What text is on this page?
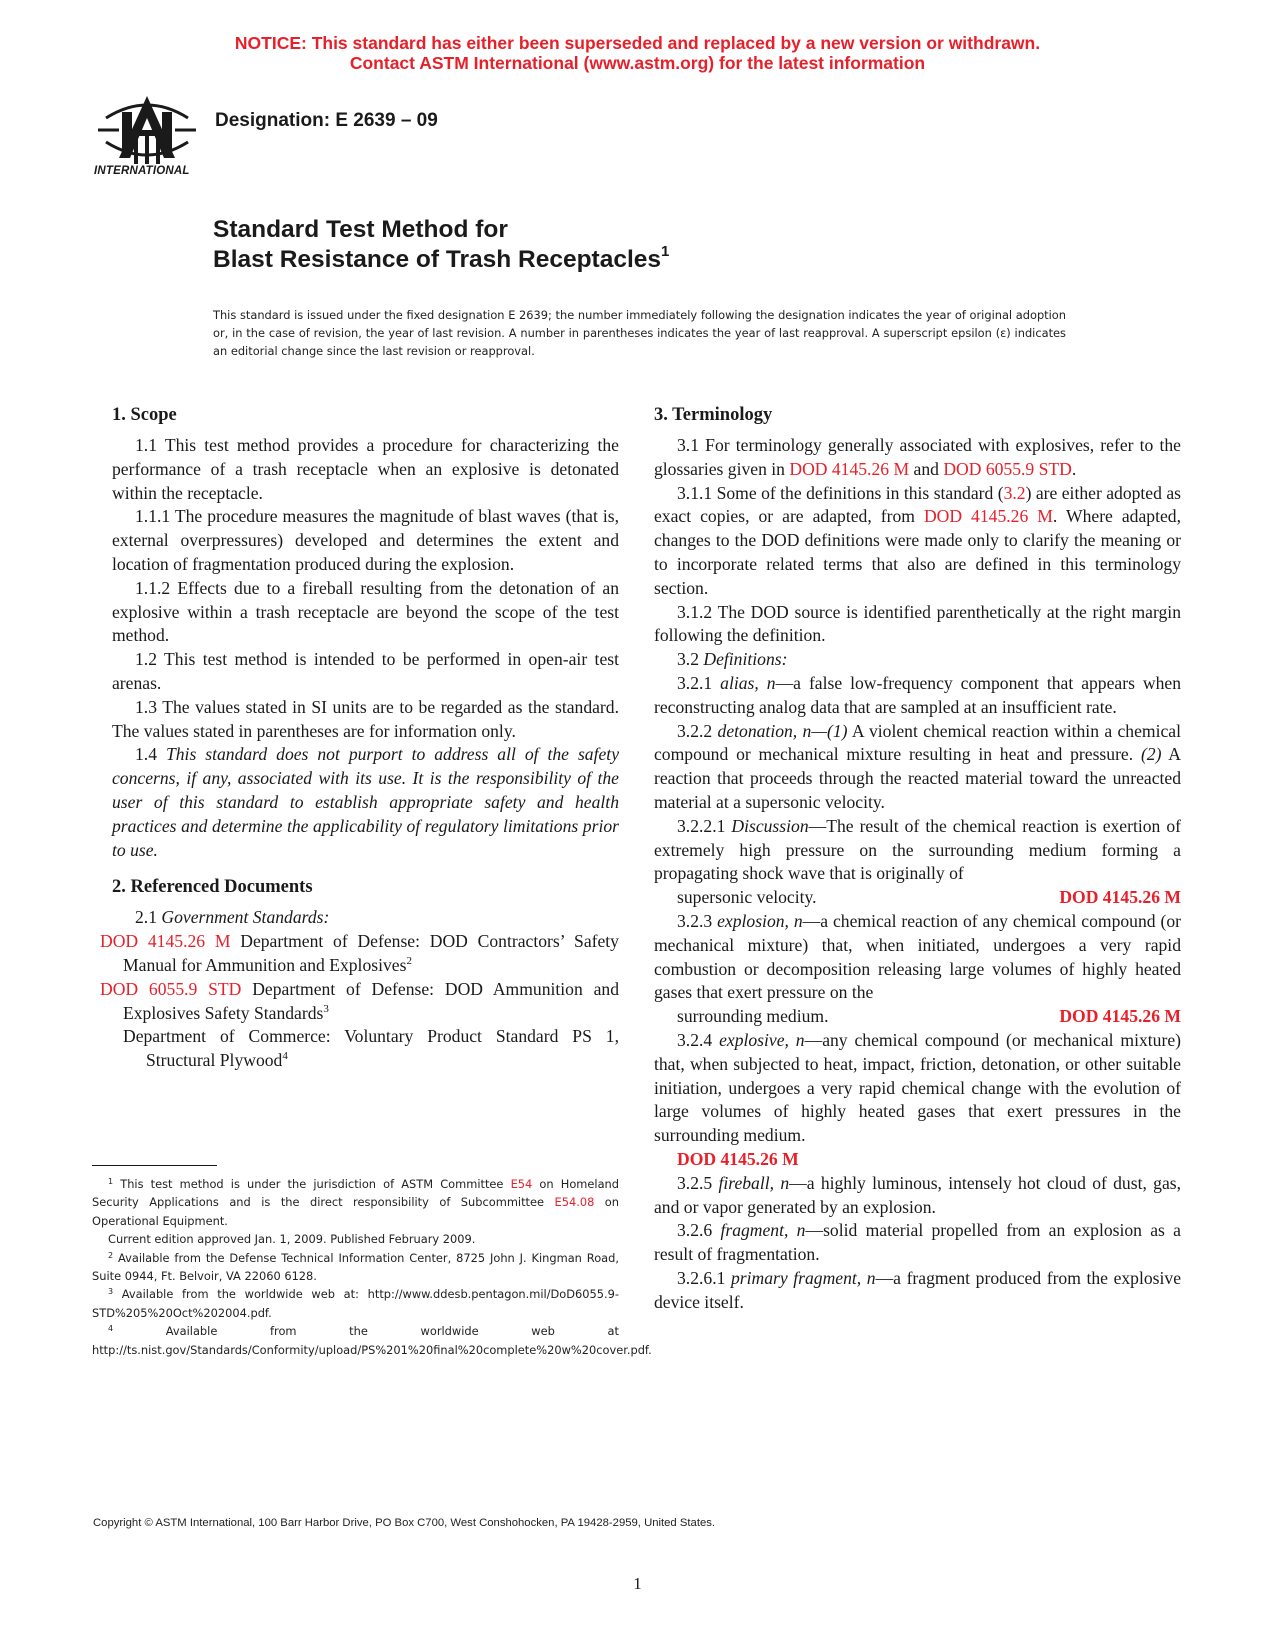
NOTICE: This standard has either been superseded and replaced by a new version or withdrawn.
Contact ASTM International (www.astm.org) for the latest information
INTERNATIONAL
Designation: E 2639 – 09
Standard Test Method for
Blast Resistance of Trash Receptacles$^1$
This standard is issued under the fixed designation E 2639; the number immediately following the designation indicates the year of original adoption or, in the case of revision, the year of last revision. A number in parentheses indicates the year of last reapproval. A superscript epsilon (ε) indicates an editorial change since the last revision or reapproval.
1. Scope

1.1 This test method provides a procedure for characterizing the performance of a trash receptacle when an explosive is detonated within the receptacle.

1.1.1 The procedure measures the magnitude of blast waves (that is, external overpressures) developed and determines the extent and location of fragmentation produced during the explosion.

1.1.2 Effects due to a fireball resulting from the detonation of an explosive within a trash receptacle are beyond the scope of the test method.

1.2 This test method is intended to be performed in open-air test arenas.

1.3 The values stated in SI units are to be regarded as the standard. The values stated in parentheses are for information only.

1.4 This standard does not purport to address all of the safety concerns, if any, associated with its use. It is the responsibility of the user of this standard to establish appropriate safety and health practices and determine the applicability of regulatory limitations prior to use.

2. Referenced Documents

2.1 Government Standards:

DOD 4145.26 M Department of Defense: DOD Contractors’ Safety Manual for Ammunition and Explosives$^2$

DOD 6055.9 STD Department of Defense: DOD Ammunition and Explosives Safety Standards$^3$

Department of Commerce: Voluntary Product Standard PS 1, Structural Plywood$^4$

3. Terminology

3.1 For terminology generally associated with explosives, refer to the glossaries given in DOD 4145.26 M and DOD 6055.9 STD.

3.1.1 Some of the definitions in this standard (3.2) are either adopted as exact copies, or are adapted, from DOD 4145.26 M. Where adapted, changes to the DOD definitions were made only to clarify the meaning or to incorporate related terms that also are defined in this terminology section.

3.1.2 The DOD source is identified parenthetically at the right margin following the definition.

3.2 Definitions:

3.2.1 alias, n—a false low-frequency component that appears when reconstructing analog data that are sampled at an insufficient rate.

3.2.2 detonation, n—(1) A violent chemical reaction within a chemical compound or mechanical mixture resulting in heat and pressure. (2) A reaction that proceeds through the reacted material toward the unreacted material at a supersonic velocity.

3.2.2.1 Discussion—The result of the chemical reaction is exertion of extremely high pressure on the surrounding medium forming a propagating shock wave that is originally of

supersonic velocity.	DOD 4145.26 M

3.2.3 explosion, n—a chemical reaction of any chemical compound (or mechanical mixture) that, when initiated, undergoes a very rapid combustion or decomposition releasing large volumes of highly heated gases that exert pressure on the

surrounding medium.	DOD 4145.26 M

3.2.4 explosive, n—any chemical compound (or mechanical mixture) that, when subjected to heat, impact, friction, detonation, or other suitable initiation, undergoes a very rapid chemical change with the evolution of large volumes of highly heated gases that exert pressures in the surrounding medium.

DOD 4145.26 M

3.2.5 fireball, n—a highly luminous, intensely hot cloud of dust, gas, and or vapor generated by an explosion.

3.2.6 fragment, n—solid material propelled from an explosion as a result of fragmentation.

3.2.6.1 primary fragment, n—a fragment produced from the explosive device itself.

$^1$ This test method is under the jurisdiction of ASTM Committee E54 on Homeland Security Applications and is the direct responsibility of Subcommittee E54.08 on Operational Equipment.

Current edition approved Jan. 1, 2009. Published February 2009.

$^2$ Available from the Defense Technical Information Center, 8725 John J. Kingman Road, Suite 0944, Ft. Belvoir, VA 22060 6128.

$^3$ Available from the worldwide web at: http://www.ddesb.pentagon.mil/DoD6055.9-STD%205%20Oct%202004.pdf.

$^4$ Available from the worldwide web at http://ts.nist.gov/Standards/Conformity/upload/PS%201%20final%20complete%20w%20cover.pdf.

Copyright © ASTM International, 100 Barr Harbor Drive, PO Box C700, West Conshohocken, PA 19428-2959, United States.
1
